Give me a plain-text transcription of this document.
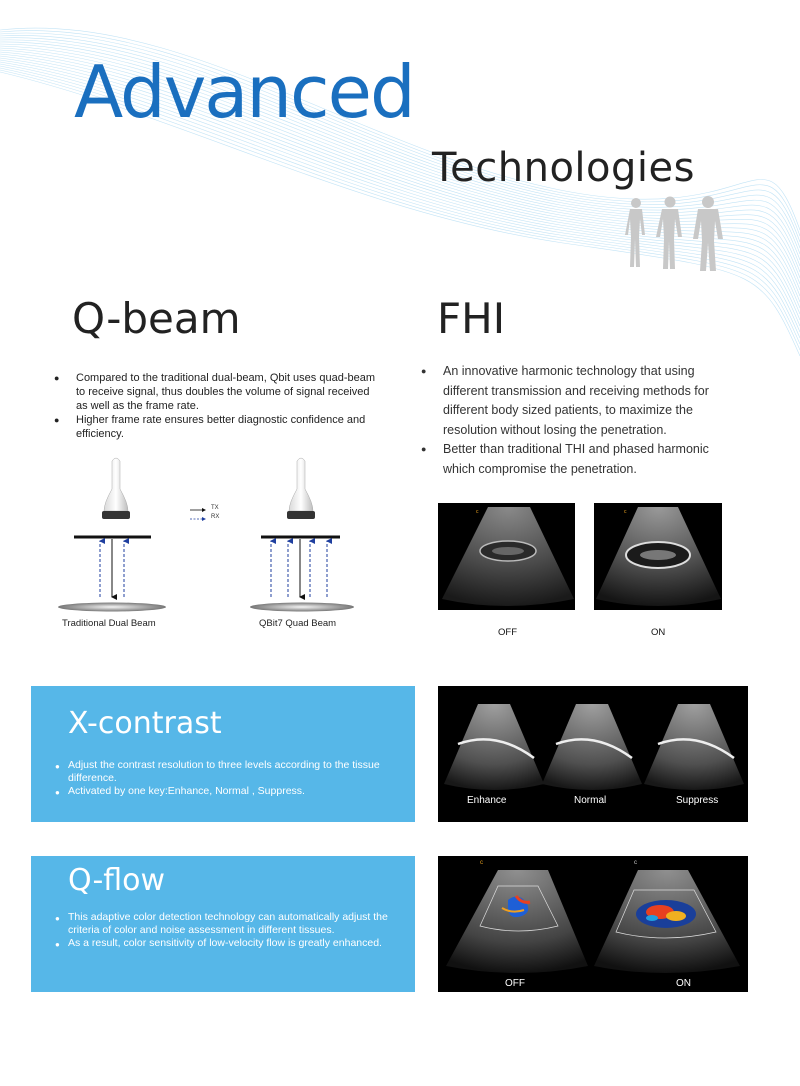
Advanced
Technologies
Q-beam	FHI
● Compared to the traditional dual-beam, Qbit uses quad-beam to receive signal, thus doubles the volume of signal received as well as the frame rate.
● Higher frame rate ensures better diagnostic confidence and efficiency.
● An innovative harmonic technology that using different transmission and receiving methods for different body sized patients, to maximize the resolution without losing the penetration.
● Better than traditional THI and phased harmonic which compromise the penetration.
TX
RX
Traditional Dual Beam	QBit7 Quad Beam
c	c
OFF	ON
X-contrast
● Adjust the contrast resolution to three levels according to the tissue difference.
● Activated by one key:Enhance, Normal , Suppress.
Enhance	Normal	Suppress
Q-flow
● This adaptive color detection technology can automatically adjust the criteria of color and noise assessment in different tissues.
● As a result, color sensitivity of low-velocity flow is greatly enhanced.
c	c
OFF	ON
